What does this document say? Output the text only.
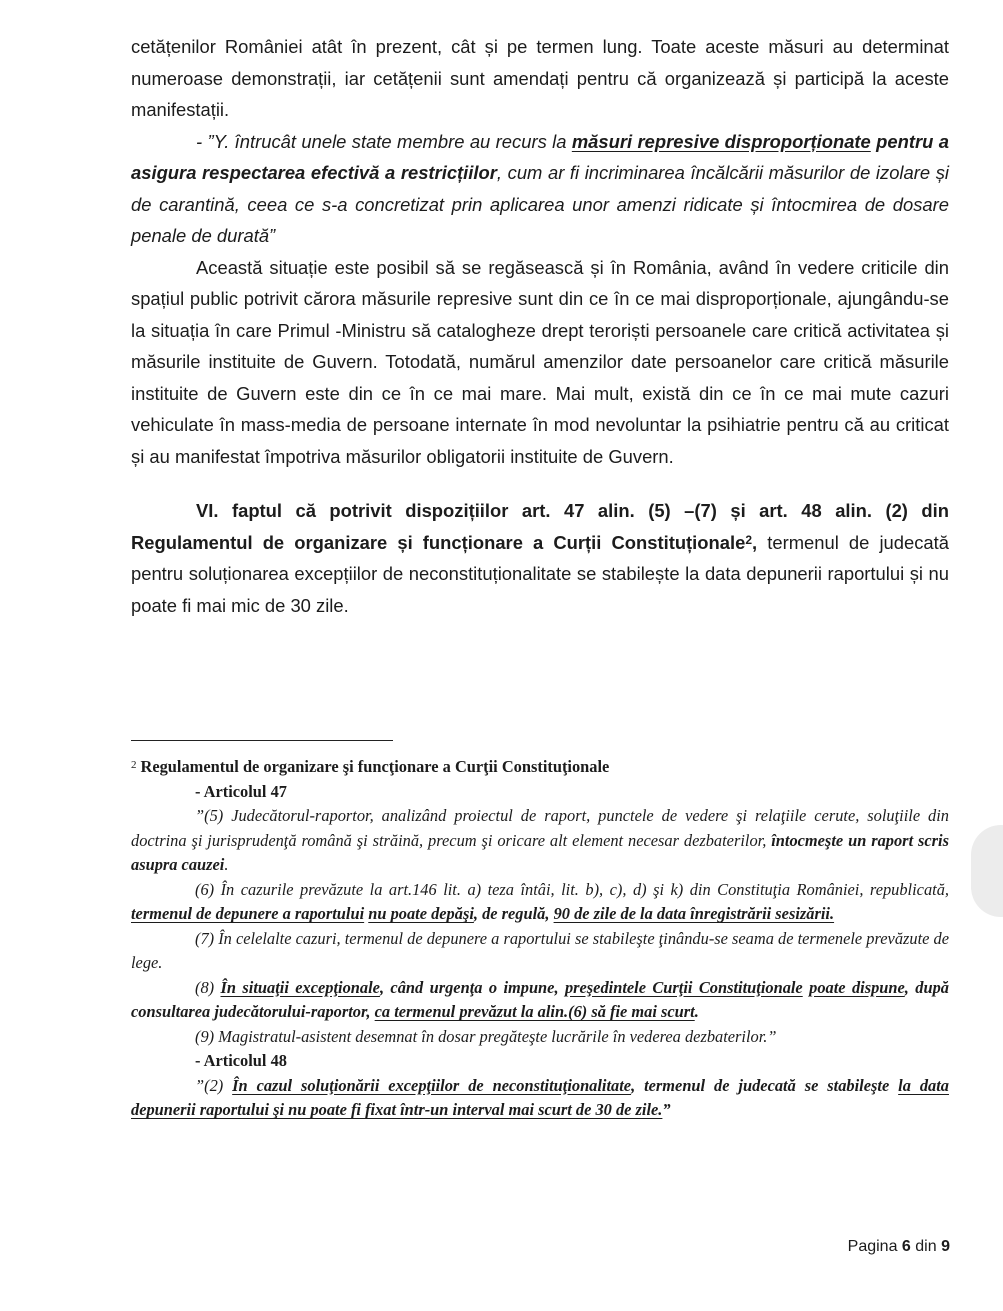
cetățenilor României atât în prezent, cât și pe termen lung. Toate aceste măsuri au determinat numeroase demonstrații, iar cetățenii sunt amendați pentru că organizează și participă la aceste manifestații.

- ”Y. întrucât unele state membre au recurs la măsuri represive disproporționate pentru a asigura respectarea efectivă a restricțiilor, cum ar fi incriminarea încălcării măsurilor de izolare și de carantină, ceea ce s-a concretizat prin aplicarea unor amenzi ridicate și întocmirea de dosare penale de durată”

Această situație este posibil să se regăsească și în România, având în vedere criticile din spațiul public potrivit cărora măsurile represive sunt din ce în ce mai disproporționale, ajungându-se la situația în care Primul -Ministru să catalogheze drept teroriști persoanele care critică activitatea și măsurile instituite de Guvern. Totodată, numărul amenzilor date persoanelor care critică măsurile instituite de Guvern este din ce în ce mai mare. Mai mult, există din ce în ce mai mute cazuri vehiculate în mass-media de persoane internate în mod nevoluntar la psihiatrie pentru că au criticat și au manifestat împotriva măsurilor obligatorii instituite de Guvern.

VI. faptul că potrivit dispozițiilor art. 47 alin. (5) –(7) și art. 48 alin. (2) din Regulamentul de organizare și funcționare a Curții Constituționale$^2$, termenul de judecată pentru soluționarea excepțiilor de neconstituționalitate se stabilește la data depunerii raportului și nu poate fi mai mic de 30 zile.

$^2$ Regulamentul de organizare şi funcţionare a Curţii Constituţionale

- Articolul 47

”(5) Judecătorul-raportor, analizând proiectul de raport, punctele de vedere şi relaţiile cerute, soluţiile din doctrina şi jurisprudenţă română şi străină, precum şi oricare alt element necesar dezbaterilor, întocmeşte un raport scris asupra cauzei.

(6) În cazurile prevăzute la art.146 lit. a) teza întâi, lit. b), c), d) şi k) din Constituţia României, republicată, termenul de depunere a raportului nu poate depăşi, de regulă, 90 de zile de la data înregistrării sesizării.

(7) În celelalte cazuri, termenul de depunere a raportului se stabileşte ţinându-se seama de termenele prevăzute de lege.

(8) În situaţii excepţionale, când urgenţa o impune, preşedintele Curţii Constituţionale poate dispune, după consultarea judecătorului-raportor, ca termenul prevăzut la alin.(6) să fie mai scurt.

(9) Magistratul-asistent desemnat în dosar pregăteşte lucrările în vederea dezbaterilor.”

- Articolul 48

”(2) În cazul soluţionării excepţiilor de neconstituţionalitate, termenul de judecată se stabileşte la data depunerii raportului şi nu poate fi fixat într-un interval mai scurt de 30 de zile.”

Pagina 6 din 9
